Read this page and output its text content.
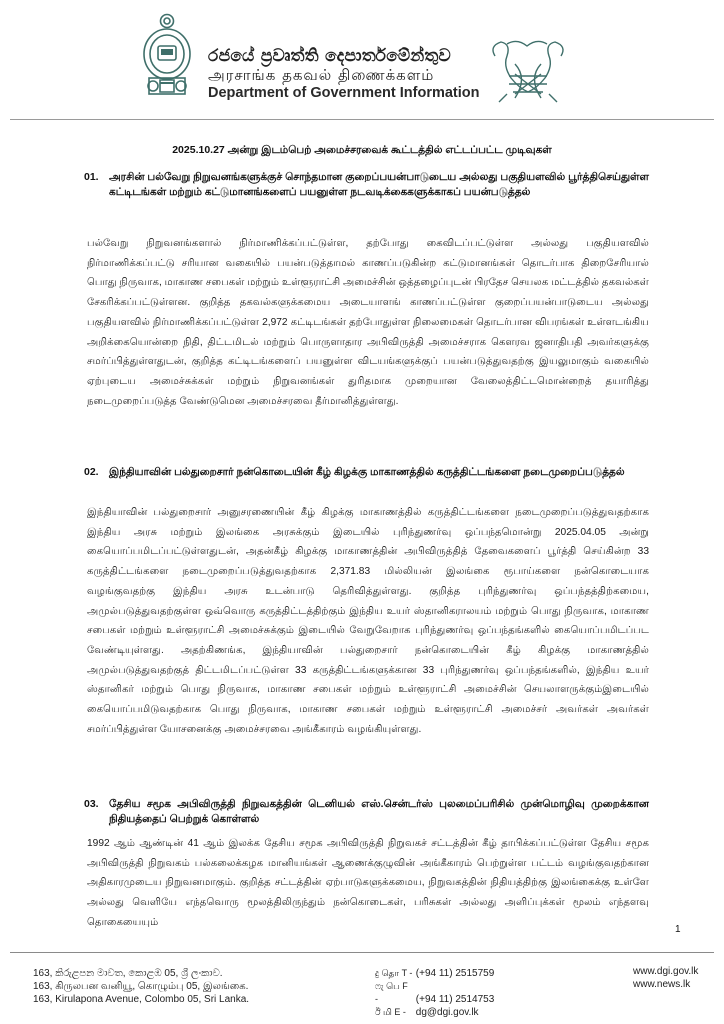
රජයේ ප්‍රවෘත්ති දෙපාර්තමේන්තුව
அரசாங்க தகவல் திணைக்களம்
Department of Government Information
2025.10.27 அன்று இடம்பெற் அமைச்சரவைக் கூட்டத்தில் எட்டப்பட்ட முடிவுகள்
01. அரசின் பல்வேறு நிறுவனங்களுக்குச் சொந்தமான குறைப்பயன்பாடுடைய அல்லது பகுதியளவில் பூர்த்திசெய்துள்ள கட்டிடங்கள் மற்றும் கட்டுமானங்களைப் பயனுள்ள நடவடிக்கைகளுக்காகப் பயன்படுத்தல்
பல்வேறு நிறுவனங்களால் நிர்மாணிக்கப்பட்டுள்ள, தற்போது கைவிடப்பட்டுள்ள அல்லது பகுதியளவில் நிர்மாணிக்கப்பட்டு சரியான வகையில் பயன்படுத்தாமல் காணப்படுகின்ற கட்டுமானங்கள் தொடர்பாக திறைசேரியால் பொது நிருவாக, மாகாண சபைகள் மற்றும் உள்ளூராட்சி அமைச்சின் ஒத்தழைப்புடன் பிரதேச செயலக மட்டத்தில் தகவல்கள் சேகரிக்கப்பட்டுள்ளன. குறித்த தகவல்களுக்கமைய அடையாளங் காணப்பட்டுள்ள குறைப்பயன்பாடுடைய அல்லது பகுதியளவில் நிர்மாணிக்கப்பட்டுள்ள 2,972 கட்டிடங்கள் தற்போதுள்ள நிலைமைகள் தொடர்பான விபரங்கள் உள்ளடங்கிய அறிக்கையொன்றை நிதி, திட்டமிடல் மற்றும் பொருளாதார அபிவிருத்தி அமைச்சராக கௌரவ ஜனாதிபதி அவர்களுக்கு சமர்ப்பித்துள்ளதுடன், குறித்த கட்டிடங்களைப் பயனுள்ள விடயங்களுக்குப் பயன்படுத்துவதற்கு இயலுமாகும் வகையில் ஏற்புடைய அமைச்சுக்கள் மற்றும் நிறுவனங்கள் துரிதமாக முறையான வேலைத்திட்டமொன்றைத் தயாரித்து நடைமுறைப்படுத்த வேண்டுமென அமைச்சரவை தீர்மானித்துள்ளது.
02. இந்தியாவின் பல்துறைசார் நன்கொடையின் கீழ் கிழக்கு மாகாணத்தில் கருத்திட்டங்களை நடைமுறைப்படுத்தல்
இந்தியாவின் பல்துறைசார் அனுசரணையின் கீழ் கிழக்கு மாகாணத்தில் கருத்திட்டங்களை நடைமுறைப்படுத்துவதற்காக இந்திய அரசு மற்றும் இலங்கை அரசுக்கும் இடையில் புரிந்துணர்வு ஒப்பந்தமொன்று 2025.04.05 அன்று கையொப்பமிடப்பட்டுள்ளதுடன், அதன்கீழ் கிழக்கு மாகாணத்தின் அபிவிருத்தித் தேவைகளைப் பூர்த்தி செய்கின்ற 33 கருத்திட்டங்களை நடைமுறைப்படுத்துவதற்காக 2,371.83 மில்லியன் இலங்கை ரூபாய்களை நன்கொடையாக வழங்குவதற்கு இந்திய அரசு உடன்பாடு தெரிவித்துள்ளது. குறித்த புரிந்துணர்வு ஒப்பந்தத்திற்கமைய, அமுல்படுத்துவதற்குள்ள ஒவ்வொரு கருத்திட்டத்திற்கும் இந்திய உயர் ஸ்தானிகராலயம் மற்றும் பொது நிருவாக, மாகாண சபைகள் மற்றும் உள்ளூராட்சி அமைச்சுக்கும் இடையில் வேறுவேறாக புரிந்துணர்வு ஒப்பந்தங்களில் கையொப்பமிடப்பட வேண்டியுள்ளது. அதற்கிணங்க, இந்தியாவின் பல்துறைசார் நன்கொடையின் கீழ் கிழக்கு மாகாணத்தில் அமுல்படுத்துவதற்குத் திட்டமிடப்பட்டுள்ள 33 கருத்திட்டங்களுக்கான 33 புரிந்துணர்வு ஒப்பந்தங்களில், இந்திய உயர் ஸ்தானிகர் மற்றும் பொது நிருவாக, மாகாண சபைகள் மற்றும் உள்ளூராட்சி அமைச்சின் செயலாளருக்கும்இடையில் கையொப்பமிடுவதற்காக பொது நிருவாக, மாகாண சபைகள் மற்றும் உள்ளூராட்சி அமைச்சர் அவர்கள் அவர்கள் சமர்ப்பித்துள்ள யோசனைக்கு அமைச்சரவை அங்கீகாரம் வழங்கியுள்ளது.
03. தேசிய சமூக அபிவிருத்தி நிறுவகத்தின் டெனியல் எஸ்.சென்டர்ஸ் புலமைப்பரிசில் முன்மொழிவு முறைக்கான நிதியத்தைப் பெற்றுக் கொள்ளல்
1992 ஆம் ஆண்டின் 41 ஆம் இலக்க தேசிய சமூக அபிவிருத்தி நிறுவகச் சட்டத்தின் கீழ் தாபிக்கப்பட்டுள்ள தேசிய சமூக அபிவிருத்தி நிறுவகம் பல்கலைக்கழக மானியங்கள் ஆணைக்குழுவின் அங்கீகாரம் பெற்றுள்ள பட்டம் வழங்குவதற்கான அதிகாரமுடைய நிறுவனமாகும். குறித்த சட்டத்தின் ஏற்பாடுகளுக்கமைய, நிறுவகத்தின் நிதியத்திற்கு இலங்கைக்கு உள்ளே அல்லது வெளியே எந்தவொரு மூலத்திலிருந்தும் நன்கொடைகள், பரிசுகள் அல்லது அளிப்புக்கள் மூலம் எந்தளவு தொகையையும்
1
163, කිරුළපන මාවත, කොළඹ 05, ශ්‍රී ලංකාව.
163, கிருலபன வனியூ, கொழும்பு 05, இலங்கை.
163, Kirulapona Avenue, Colombo 05, Sri Lanka.
දු தொ T - (+94 11) 2515759
ෆැ பெ F -	(+94 11) 2514753
ඊ மி E - dg@dgi.gov.lk
www.dgi.gov.lk
www.news.lk
